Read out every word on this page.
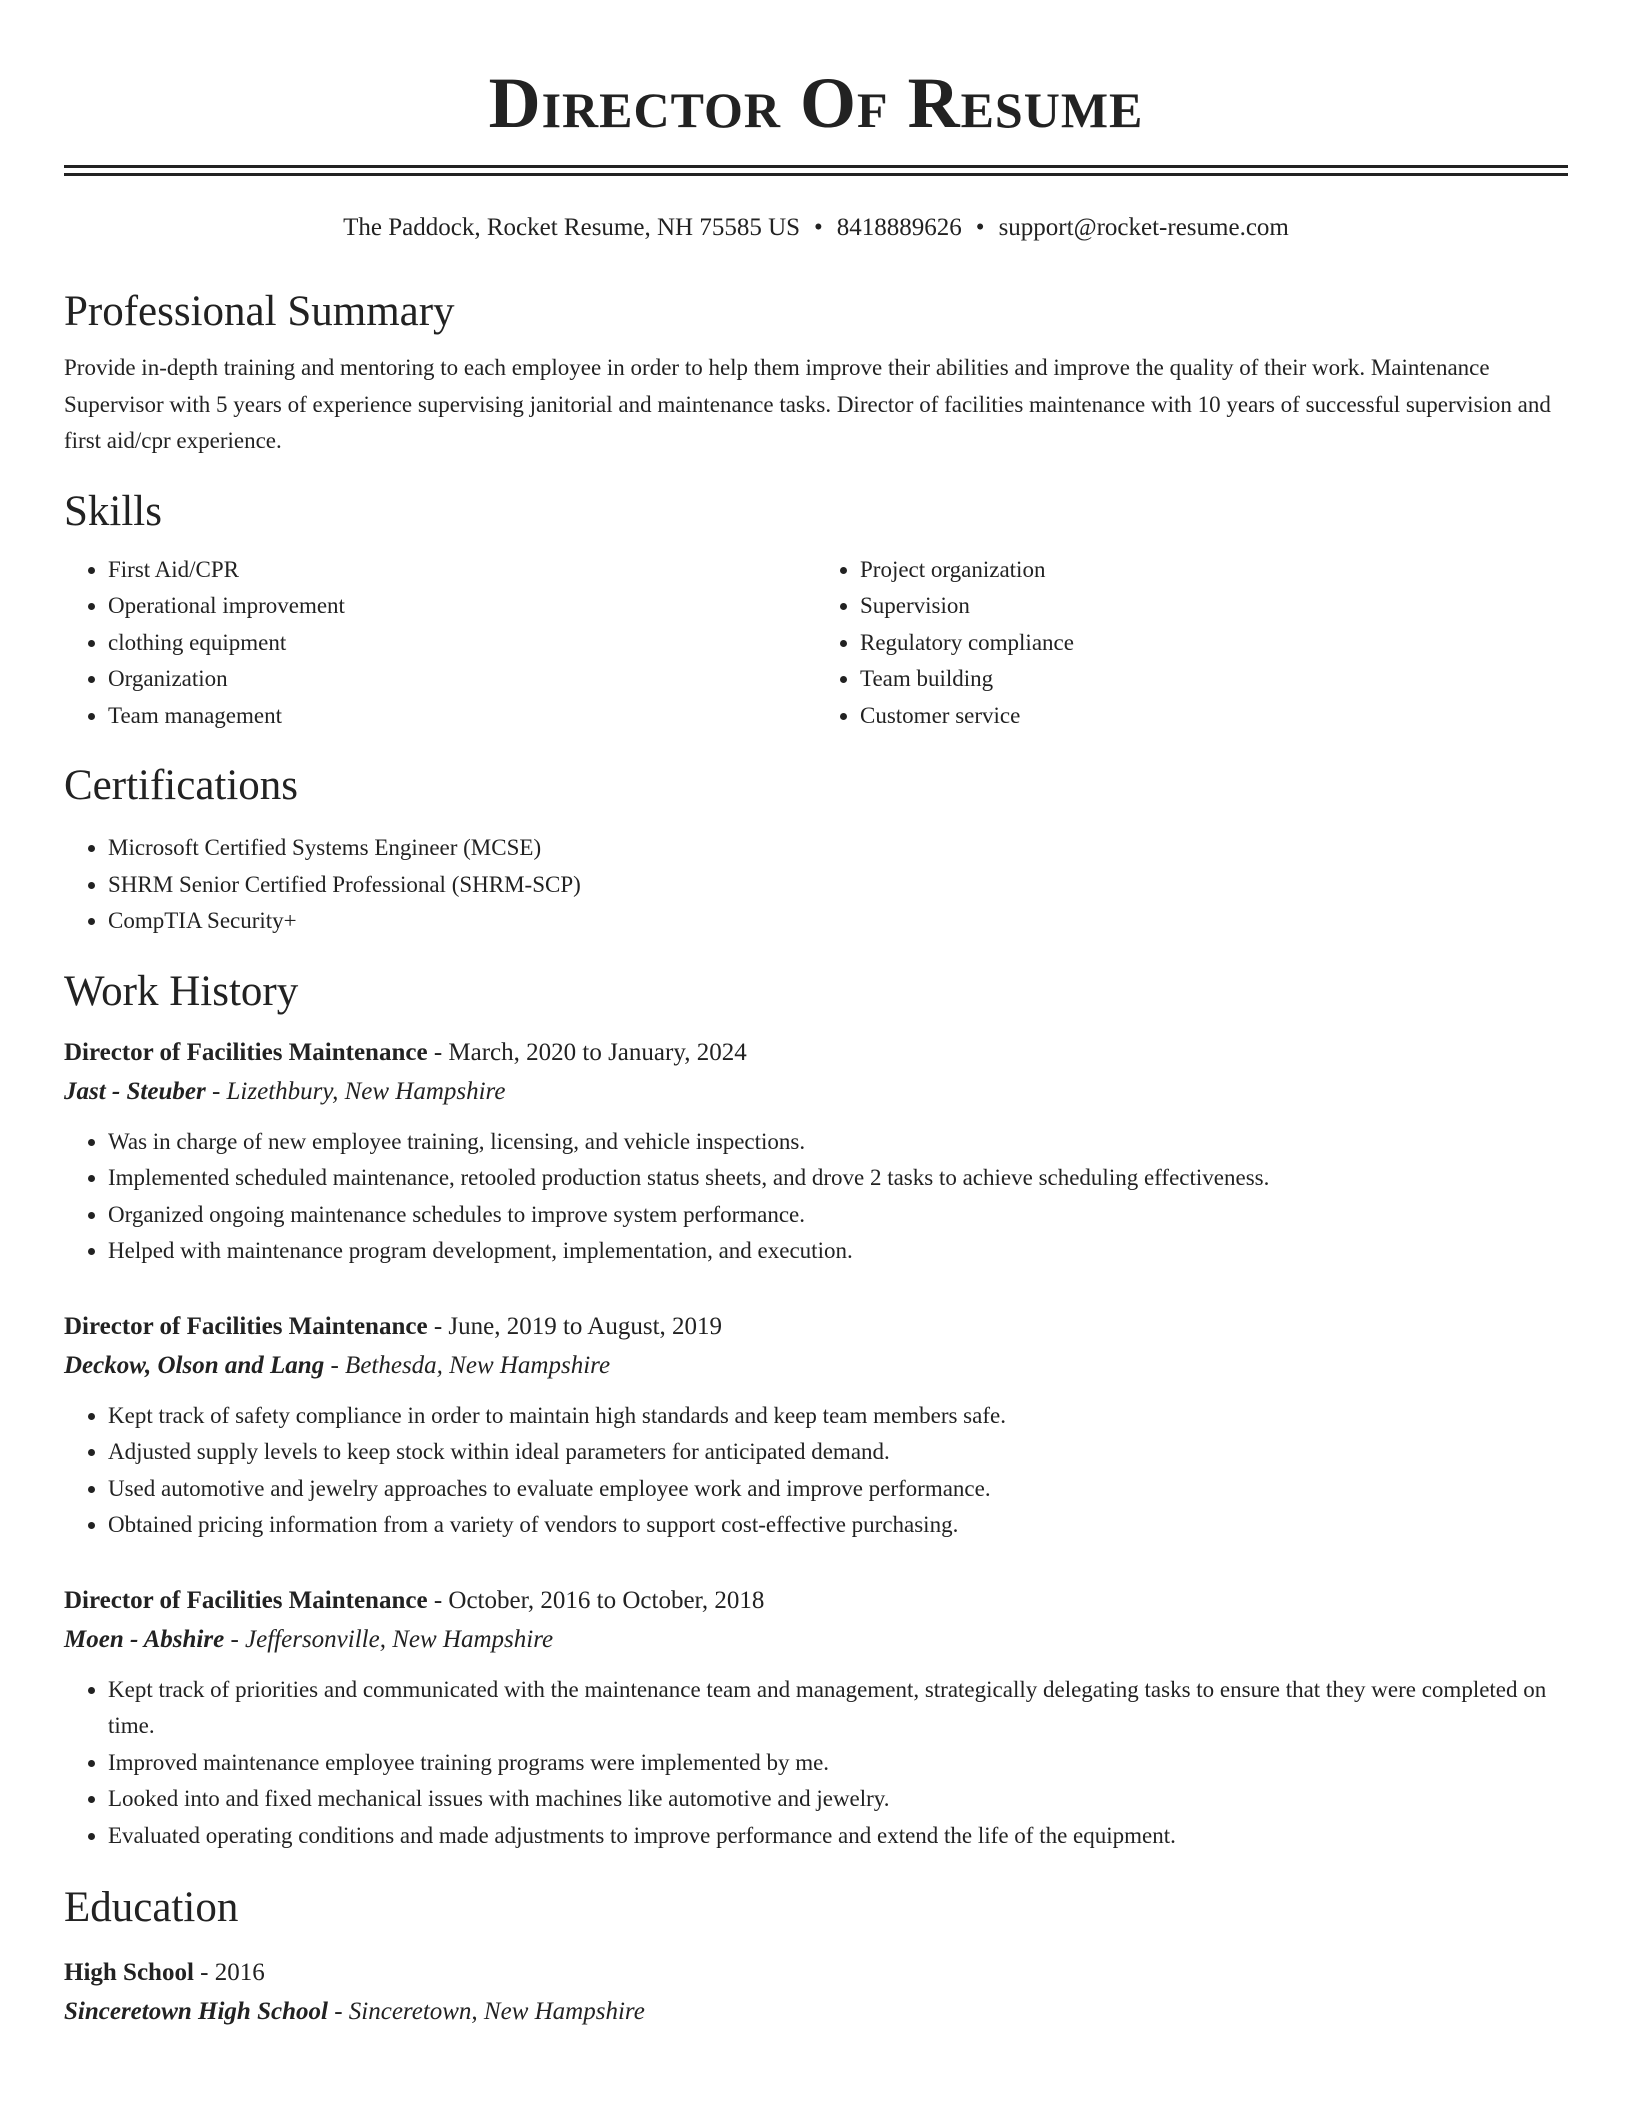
Director Of Resume
The Paddock, Rocket Resume, NH 75585 US • 8418889626 • support@rocket-resume.com
Professional Summary

Provide in-depth training and mentoring to each employee in order to help them improve their abilities and improve the quality of their work. Maintenance Supervisor with 5 years of experience supervising janitorial and maintenance tasks. Director of facilities maintenance with 10 years of successful supervision and first aid/cpr experience.

Skills
• First Aid/CPR
• Operational improvement
• clothing equipment
• Organization
• Team management
• Project organization
• Supervision
• Regulatory compliance
• Team building
• Customer service
Certifications
• Microsoft Certified Systems Engineer (MCSE)
• SHRM Senior Certified Professional (SHRM-SCP)
• CompTIA Security+
Work History
Director of Facilities Maintenance - March, 2020 to January, 2024
Jast - Steuber - Lizethbury, New Hampshire
• Was in charge of new employee training, licensing, and vehicle inspections.
• Implemented scheduled maintenance, retooled production status sheets, and drove 2 tasks to achieve scheduling effectiveness.
• Organized ongoing maintenance schedules to improve system performance.
• Helped with maintenance program development, implementation, and execution.
Director of Facilities Maintenance - June, 2019 to August, 2019
Deckow, Olson and Lang - Bethesda, New Hampshire
• Kept track of safety compliance in order to maintain high standards and keep team members safe.
• Adjusted supply levels to keep stock within ideal parameters for anticipated demand.
• Used automotive and jewelry approaches to evaluate employee work and improve performance.
• Obtained pricing information from a variety of vendors to support cost-effective purchasing.
Director of Facilities Maintenance - October, 2016 to October, 2018
Moen - Abshire - Jeffersonville, New Hampshire
• Kept track of priorities and communicated with the maintenance team and management, strategically delegating tasks to ensure that they were completed on time.
• Improved maintenance employee training programs were implemented by me.
• Looked into and fixed mechanical issues with machines like automotive and jewelry.
• Evaluated operating conditions and made adjustments to improve performance and extend the life of the equipment.
Education
High School - 2016
Sinceretown High School - Sinceretown, New Hampshire
